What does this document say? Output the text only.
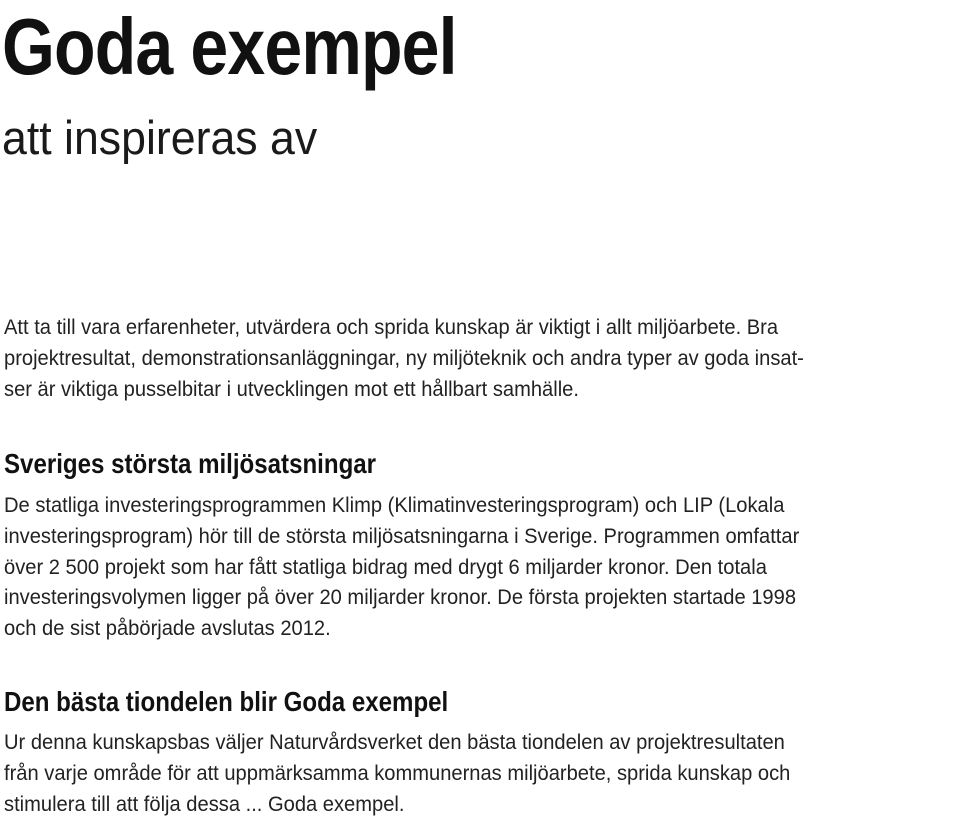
Goda exempel
att inspireras av

Att ta till vara erfarenheter, utvärdera och sprida kunskap är viktigt i allt miljöarbete. Bra
projektresultat, demonstrationsanläggningar, ny miljöteknik och andra typer av goda insat-
ser är viktiga pusselbitar i utvecklingen mot ett hållbart samhälle.

Sveriges största miljösatsningar

De statliga investeringsprogrammen Klimp (Klimatinvesteringsprogram) och LIP (Lokala
investeringsprogram) hör till de största miljösatsningarna i Sverige. Programmen omfattar
över 2 500 projekt som har fått statliga bidrag med drygt 6 miljarder kronor. Den totala
investeringsvolymen ligger på över 20 miljarder kronor. De första projekten startade 1998
och de sist påbörjade avslutas 2012.

Den bästa tiondelen blir Goda exempel

Ur denna kunskapsbas väljer Naturvårdsverket den bästa tiondelen av projektresultaten
från varje område för att uppmärksamma kommunernas miljöarbete, sprida kunskap och
stimulera till att följa dessa ... Goda exempel.
